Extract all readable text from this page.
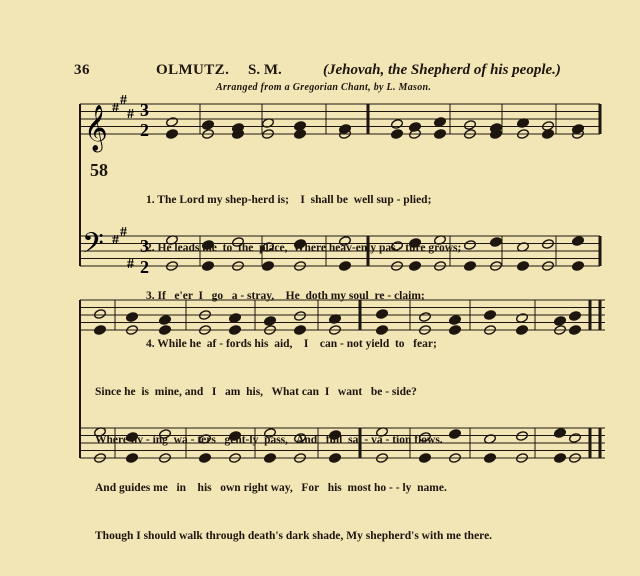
36	OLMUTZ. S. M.	(Jehovah, the Shepherd of his people.)
Arranged from a Gregorian Chant, by L. Mason.
𝄞
𝄢
#
#
#
#
#
#
3
2
3
2
58

1. The Lord my shep-herd is;    I  shall be  well sup - plied;

2. He leads me  to  the  place,  Where heav-enly pas - ture grows;

3. If   e'er  I   go   a - stray,    He  doth my soul  re - claim;

4. While he  af - fords his  aid,    I    can - not yield  to   fear;

Since he  is  mine, and   I   am  his,   What can  I   want   be - side?

Where liv - ing  wa - ters   gent-ly  pass,   And   full  sal - va - tion flows.

And guides me   in    his   own right way,   For   his  most ho - - ly  name.

Though I should walk through death's dark shade, My shepherd's with me there.
